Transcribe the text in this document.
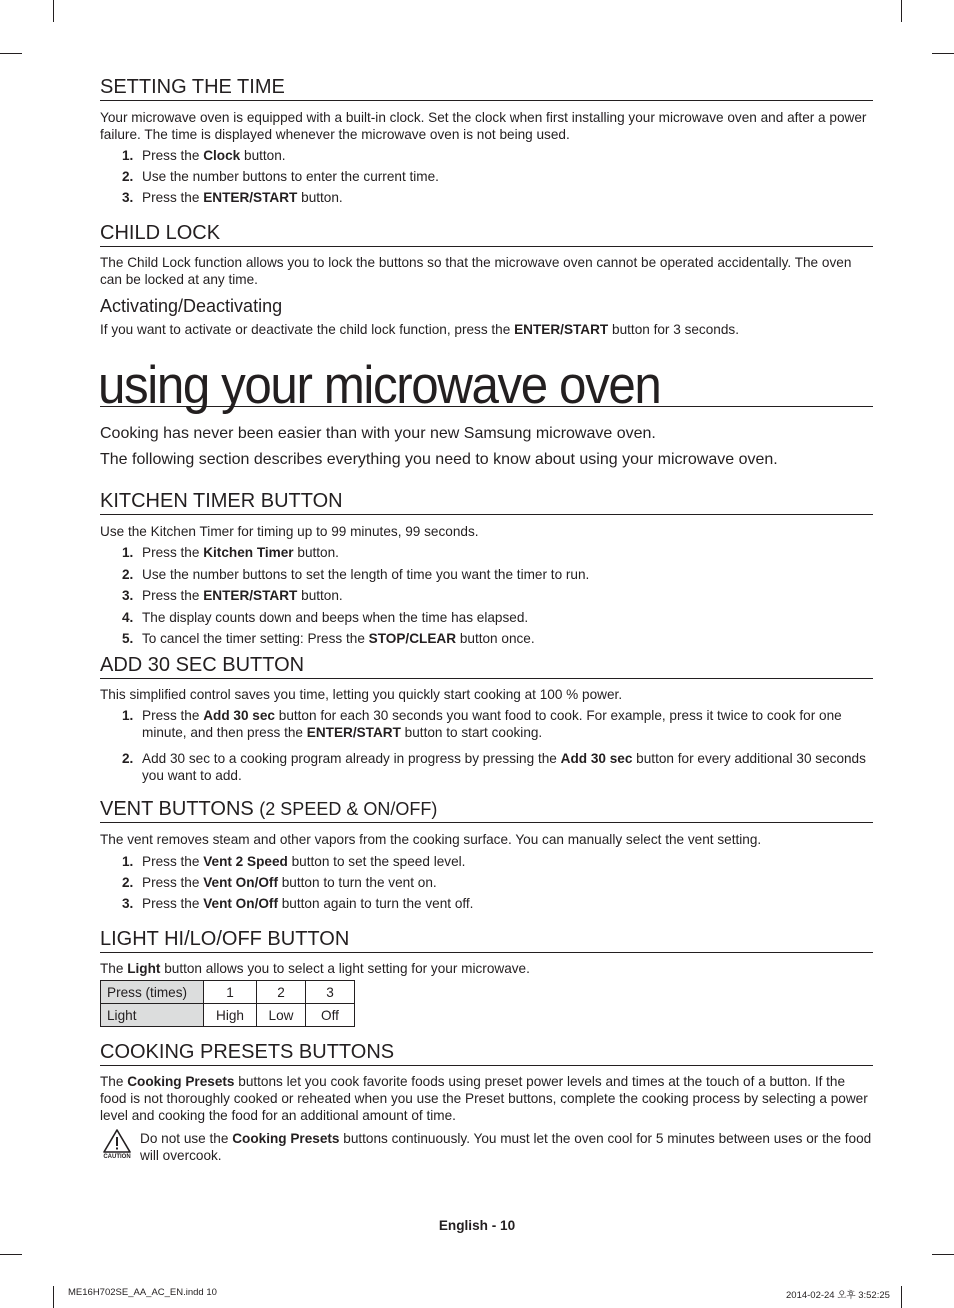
SETTING THE TIME
Your microwave oven is equipped with a built-in clock. Set the clock when first installing your microwave oven and after a power failure. The time is displayed whenever the microwave oven is not being used.
1. Press the Clock button.
2. Use the number buttons to enter the current time.
3. Press the ENTER/START button.
CHILD LOCK
The Child Lock function allows you to lock the buttons so that the microwave oven cannot be operated accidentally. The oven can be locked at any time.
Activating/Deactivating
If you want to activate or deactivate the child lock function, press the ENTER/START button for 3 seconds.
using your microwave oven
Cooking has never been easier than with your new Samsung microwave oven.
The following section describes everything you need to know about using your microwave oven.
KITCHEN TIMER BUTTON
Use the Kitchen Timer for timing up to 99 minutes, 99 seconds.
1. Press the Kitchen Timer button.
2. Use the number buttons to set the length of time you want the timer to run.
3. Press the ENTER/START button.
4. The display counts down and beeps when the time has elapsed.
5. To cancel the timer setting: Press the STOP/CLEAR button once.
ADD 30 SEC BUTTON
This simplified control saves you time, letting you quickly start cooking at 100 % power.
1. Press the Add 30 sec button for each 30 seconds you want food to cook. For example, press it twice to cook for one minute, and then press the ENTER/START button to start cooking.
2. Add 30 sec to a cooking program already in progress by pressing the Add 30 sec button for every additional 30 seconds you want to add.
VENT BUTTONS (2 SPEED & ON/OFF)
The vent removes steam and other vapors from the cooking surface. You can manually select the vent setting.
1. Press the Vent 2 Speed button to set the speed level.
2. Press the Vent On/Off button to turn the vent on.
3. Press the Vent On/Off button again to turn the vent off.
LIGHT HI/LO/OFF BUTTON
The Light button allows you to select a light setting for your microwave.
Press (times)	1	2	3
Light	High	Low	Off
COOKING PRESETS BUTTONS
The Cooking Presets buttons let you cook favorite foods using preset power levels and times at the touch of a button. If the food is not thoroughly cooked or reheated when you use the Preset buttons, complete the cooking process by selecting a power level and cooking the food for an additional amount of time.
CAUTION
Do not use the Cooking Presets buttons continuously. You must let the oven cool for 5 minutes between uses or the food will overcook.
English - 10
ME16H702SE_AA_AC_EN.indd 10	2014-02-24 오후 3:52:25
